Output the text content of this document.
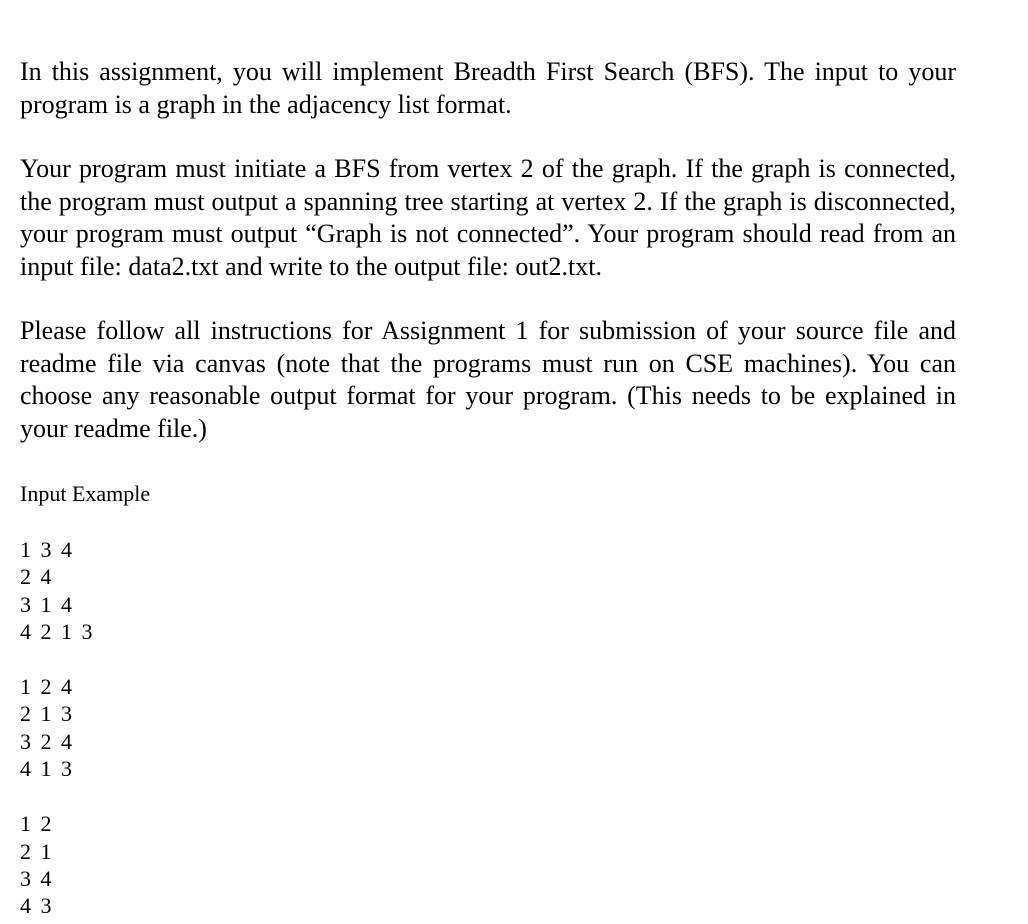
In this assignment, you will implement Breadth First Search (BFS). The input to your program is a graph in the adjacency list format.

Your program must initiate a BFS from vertex 2 of the graph. If the graph is connected, the program must output a spanning tree starting at vertex 2. If the graph is disconnected, your program must output “Graph is not connected”. Your program should read from an input file: data2.txt and write to the output file: out2.txt.

Please follow all instructions for Assignment 1 for submission of your source file and readme file via canvas (note that the programs must run on CSE machines). You can choose any reasonable output format for your program. (This needs to be explained in your readme file.)

Input Example

1 3 4
2 4
3 1 4
4 2 1 3
1 2 4
2 1 3
3 2 4
4 1 3
1 2
2 1
3 4
4 3
